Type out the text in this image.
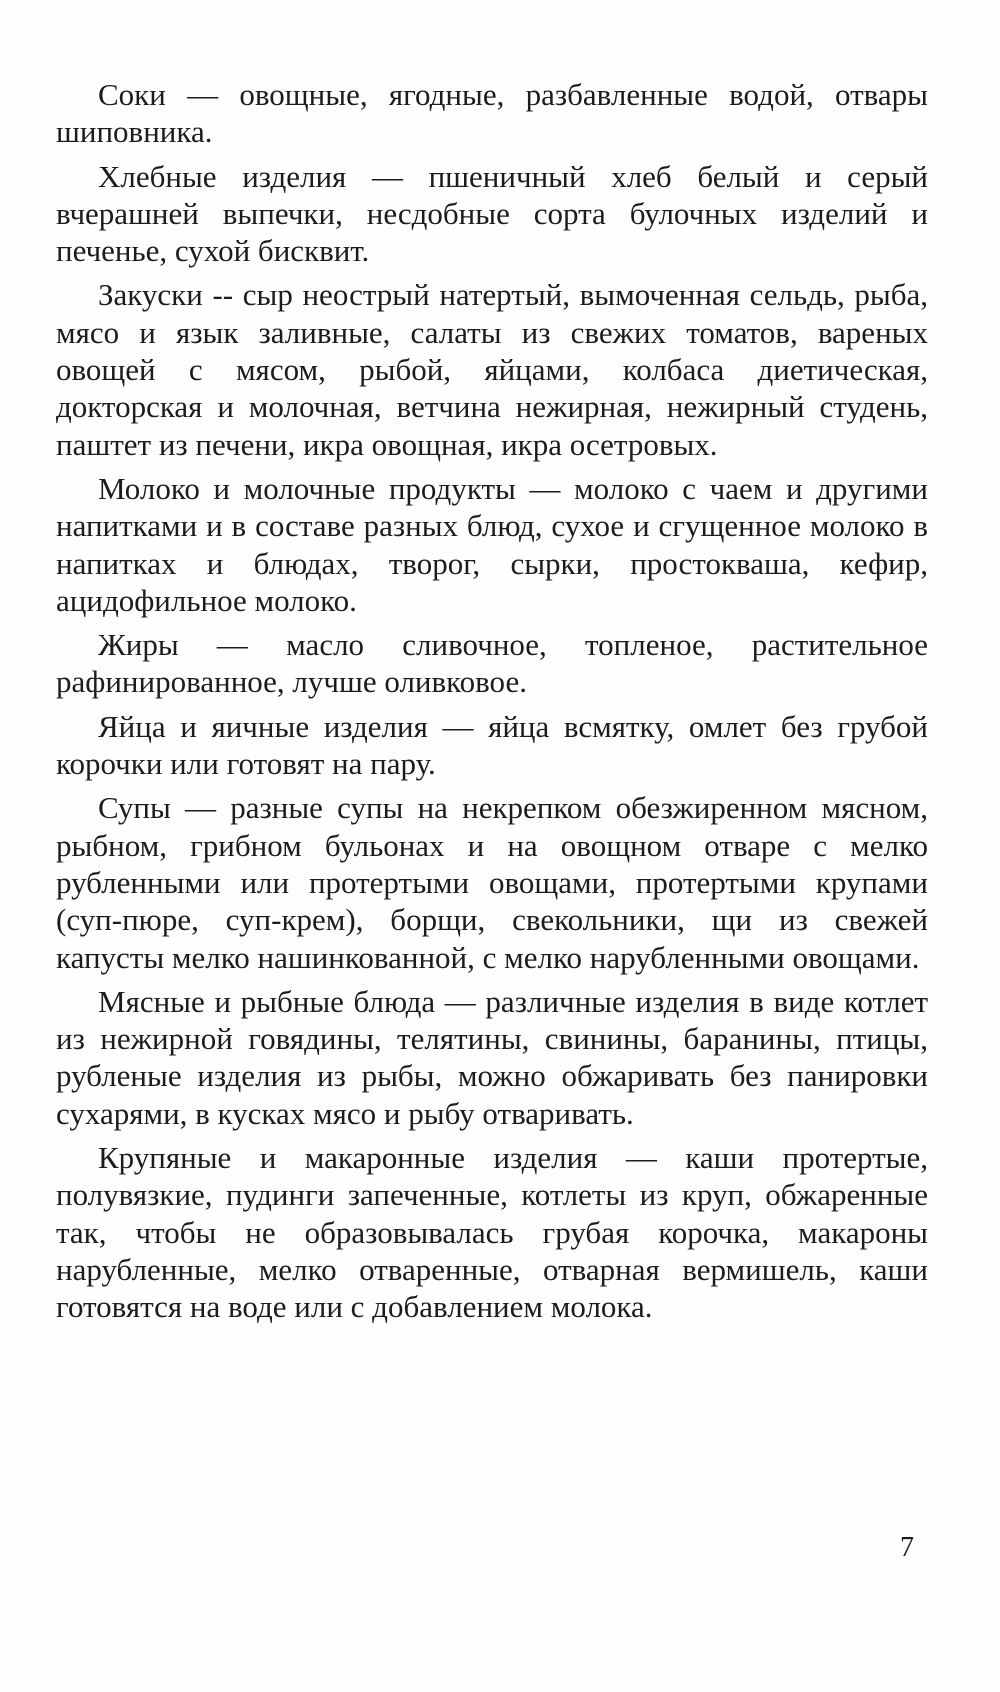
Соки — овощные, ягодные, разбавленные водой, отвары шиповника.

Хлебные изделия — пшеничный хлеб белый и серый вчерашней выпечки, несдобные сорта булочных изделий и печенье, сухой бисквит.

Закуски -- сыр неострый натертый, вымоченная сельдь, рыба, мясо и язык заливные, салаты из свежих томатов, вареных овощей с мясом, рыбой, яйцами, колбаса диетическая, докторская и молочная, ветчина нежирная, нежирный студень, паштет из печени, икра овощная, икра осетровых.

Молоко и молочные продукты — молоко с чаем и другими напитками и в составе разных блюд, сухое и сгущенное молоко в напитках и блюдах, творог, сырки, простокваша, кефир, ацидофильное молоко.

Жиры — масло сливочное, топленое, растительное рафинированное, лучше оливковое.

Яйца и яичные изделия — яйца всмятку, омлет без грубой корочки или готовят на пару.

Супы — разные супы на некрепком обезжиренном мясном, рыбном, грибном бульонах и на овощном отваре с мелко рубленными или протертыми овощами, протертыми крупами (суп-пюре, суп-крем), борщи, свекольники, щи из свежей капусты мелко нашинкованной, с мелко нарубленными овощами.

Мясные и рыбные блюда — различные изделия в виде котлет из нежирной говядины, телятины, свинины, баранины, птицы, рубленые изделия из рыбы, можно обжаривать без панировки сухарями, в кусках мясо и рыбу отваривать.

Крупяные и макаронные изделия — каши протертые, полувязкие, пудинги запеченные, котлеты из круп, обжаренные так, чтобы не образовывалась грубая корочка, макароны нарубленные, мелко отваренные, отварная вермишель, каши готовятся на воде или с добавлением молока.

7
